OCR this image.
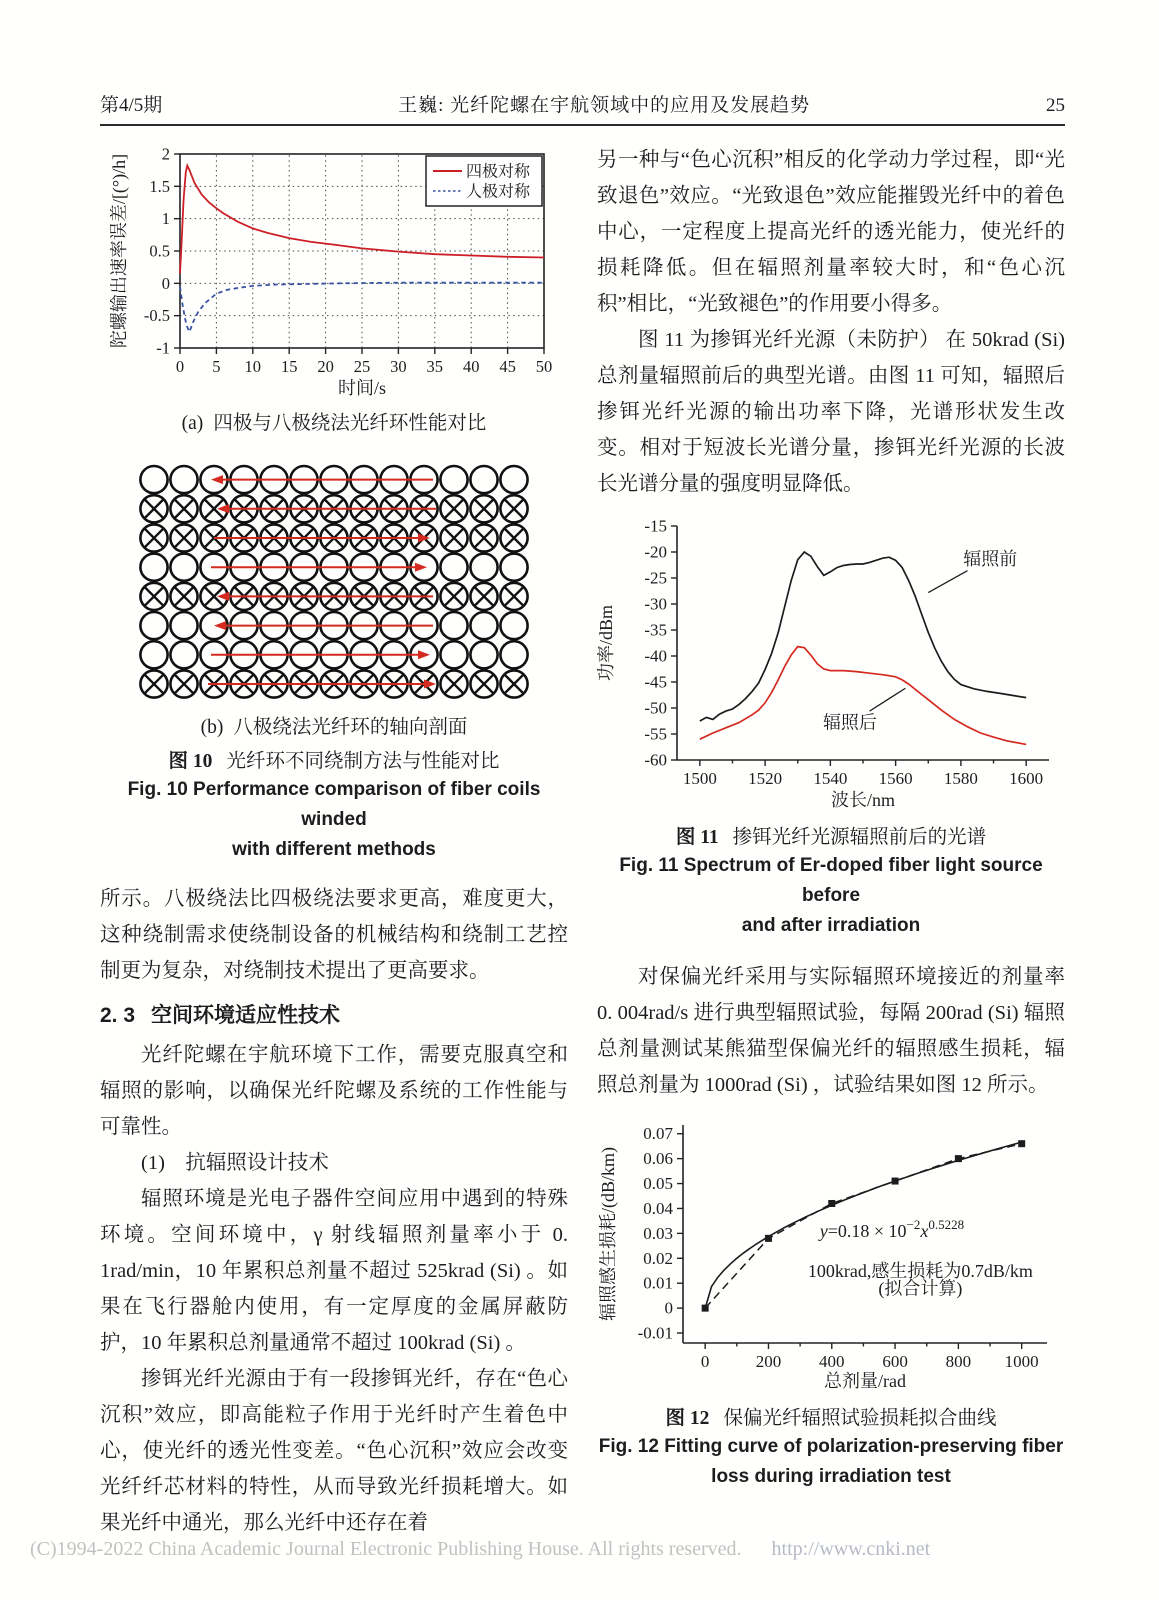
第4/5期	王巍: 光纤陀螺在宇航领域中的应用及发展趋势	25
0 5 10 15 20 25 30 35 40 45 50
-1
-0.5
0
0.5
1
1.5
2
时间/s
陀螺输出速率误差/[(°)/h]	四极对称
人极对称
(a) 四极与八极绕法光纤环性能对比
(b) 八极绕法光纤环的轴向剖面
图 10 光纤环不同绕制方法与性能对比
Fig. 10 Performance comparison of fiber coils winded
with different methods

所示。八极绕法比四极绕法要求更高，难度更大，这种绕制需求使绕制设备的机械结构和绕制工艺控制更为复杂，对绕制技术提出了更高要求。

2. 3 空间环境适应性技术

光纤陀螺在宇航环境下工作，需要克服真空和辐照的影响，以确保光纤陀螺及系统的工作性能与可靠性。

(1)　抗辐照设计技术

辐照环境是光电子器件空间应用中遇到的特殊环境。空间环境中，γ 射线辐照剂量率小于 0. 1rad/min，10 年累积总剂量不超过 525krad (Si) 。如果在飞行器舱内使用，有一定厚度的金属屏蔽防护，10 年累积总剂量通常不超过 100krad (Si) 。

掺铒光纤光源由于有一段掺铒光纤，存在“色心沉积”效应，即高能粒子作用于光纤时产生着色中心，使光纤的透光性变差。“色心沉积”效应会改变光纤纤芯材料的特性，从而导致光纤损耗增大。如果光纤中通光，那么光纤中还存在着

另一种与“色心沉积”相反的化学动力学过程，即“光致退色”效应。“光致退色”效应能摧毁光纤中的着色中心，一定程度上提高光纤的透光能力，使光纤的损耗降低。但在辐照剂量率较大时，和“色心沉积”相比，“光致褪色”的作用要小得多。

图 11 为掺铒光纤光源（未防护） 在 50krad (Si) 总剂量辐照前后的典型光谱。由图 11 可知，辐照后掺铒光纤光源的输出功率下降，光谱形状发生改变。相对于短波长光谱分量，掺铒光纤光源的长波长光谱分量的强度明显降低。

1500 1520 1540 1560 1580 1600
-60
-55
-50
-45
-40
-35
-30
-25
-20
-15
波长/nm
功率/dBm
辐照前
辐照后
图 11 掺铒光纤光源辐照前后的光谱
Fig. 11 Spectrum of Er-doped fiber light source before
and after irradiation

对保偏光纤采用与实际辐照环境接近的剂量率 0. 004rad/s 进行典型辐照试验，每隔 200rad (Si) 辐照总剂量测试某熊猫型保偏光纤的辐照感生损耗，辐照总剂量为 1000rad (Si) ，试验结果如图 12 所示。

0	200 400 600 800 1000
-0.01
0
0.01
0.02
0.03
0.04
0.05
0.06
0.07
总剂量/rad
辐照感生损耗/(dB/km)	$y=0.18 \times 10^{-2}x^{0.5228}$
100krad,感生损耗为0.7dB/km
(拟合计算)
图 12 保偏光纤辐照试验损耗拟合曲线
Fig. 12 Fitting curve of polarization-preserving fiber
loss during irradiation test
(C)1994-2022 China Academic Journal Electronic Publishing House. All rights reserved. http://www.cnki.net
